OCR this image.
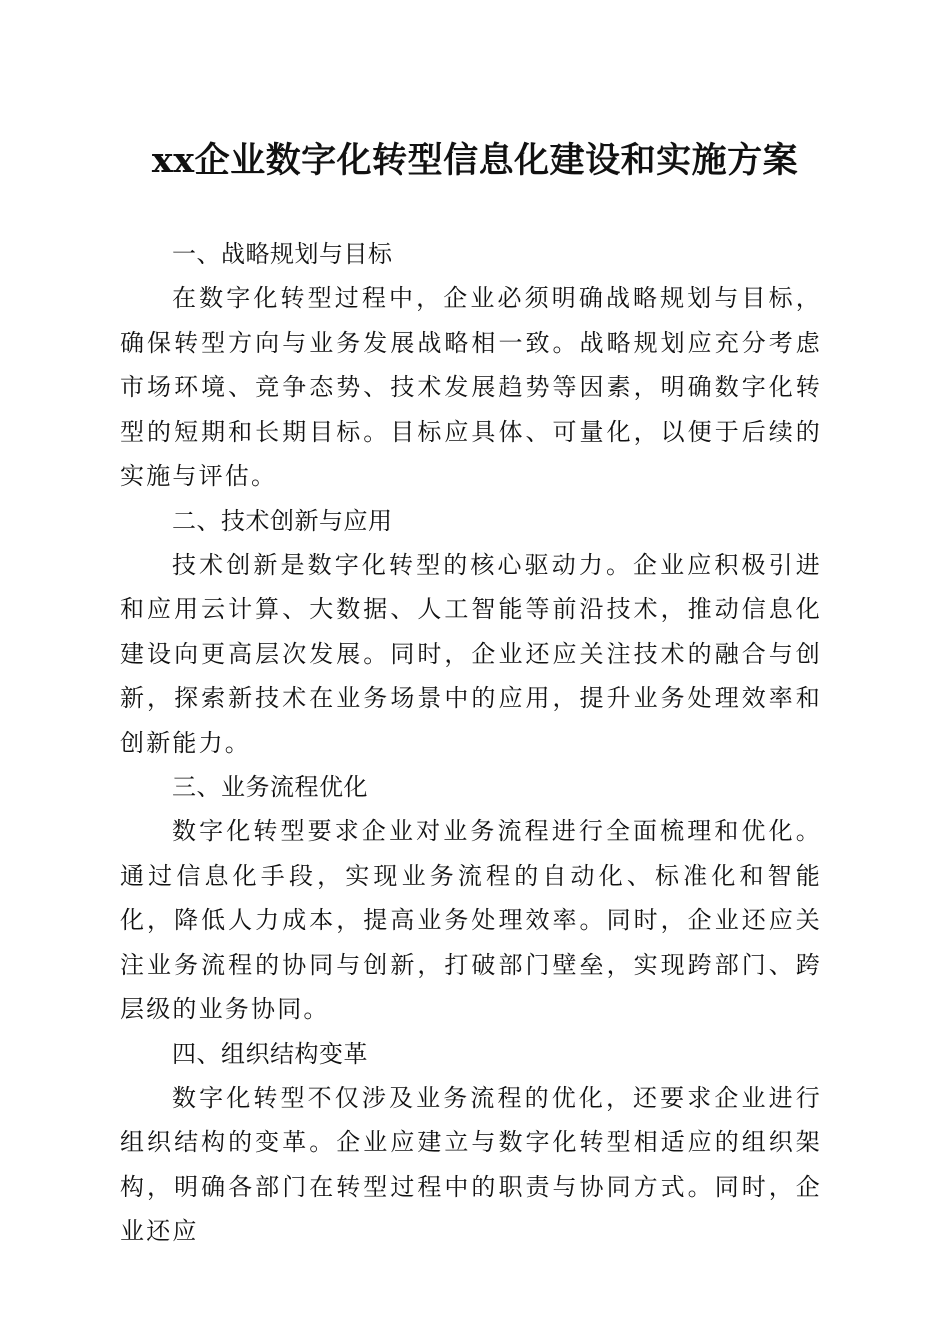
xx企业数字化转型信息化建设和实施方案
一、战略规划与目标

在数字化转型过程中，企业必须明确战略规划与目标，确保转型方向与业务发展战略相一致。战略规划应充分考虑市场环境、竞争态势、技术发展趋势等因素，明确数字化转型的短期和长期目标。目标应具体、可量化，以便于后续的实施与评估。

二、技术创新与应用

技术创新是数字化转型的核心驱动力。企业应积极引进和应用云计算、大数据、人工智能等前沿技术，推动信息化建设向更高层次发展。同时，企业还应关注技术的融合与创新，探索新技术在业务场景中的应用，提升业务处理效率和创新能力。

三、业务流程优化

数字化转型要求企业对业务流程进行全面梳理和优化。通过信息化手段，实现业务流程的自动化、标准化和智能化，降低人力成本，提高业务处理效率。同时，企业还应关注业务流程的协同与创新，打破部门壁垒，实现跨部门、跨层级的业务协同。

四、组织结构变革

数字化转型不仅涉及业务流程的优化，还要求企业进行组织结构的变革。企业应建立与数字化转型相适应的组织架构，明确各部门在转型过程中的职责与协同方式。同时，企业还应
